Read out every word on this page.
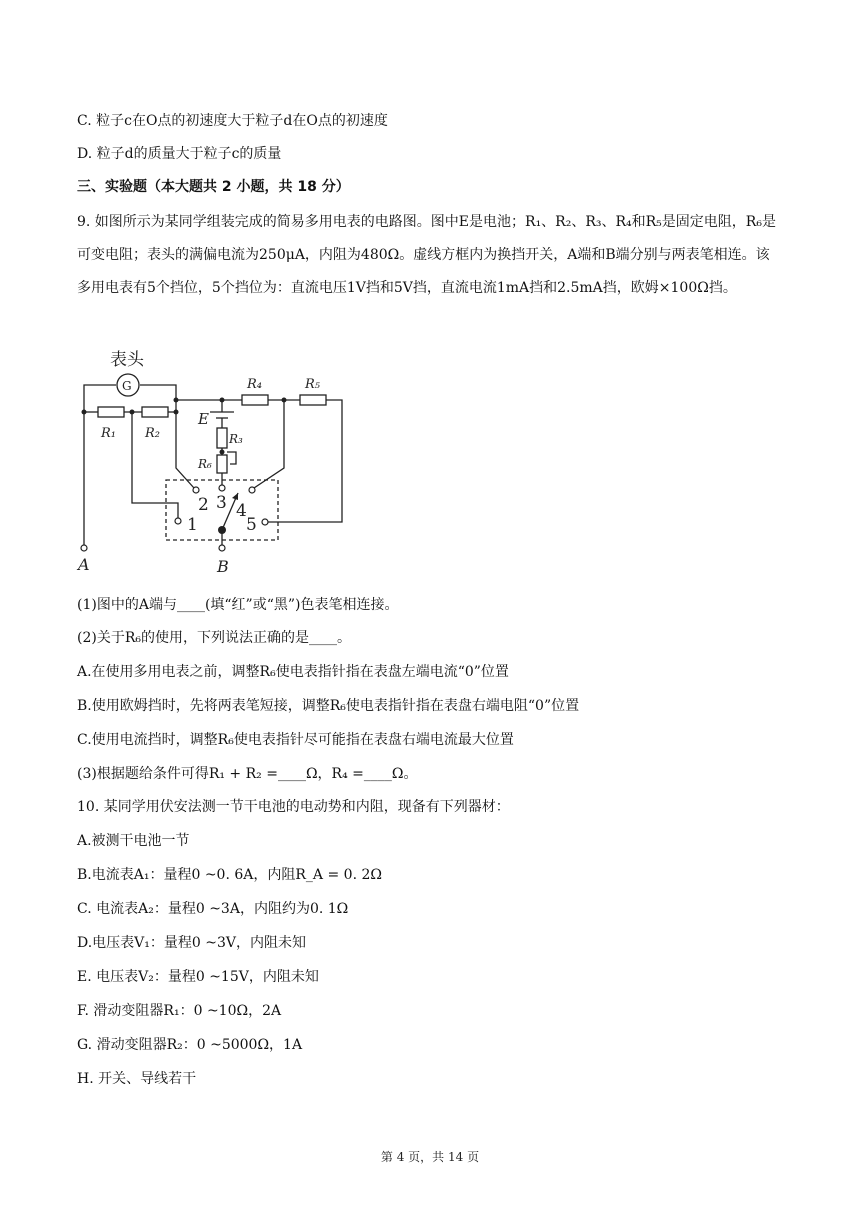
C. 粒子c在O点的初速度大于粒子d在O点的初速度
D. 粒子d的质量大于粒子c的质量
三、实验题（本大题共 2 小题，共 18 分）
9. 如图所示为某同学组装完成的简易多用电表的电路图。图中E是电池；R₁、R₂、R₃、R₄和R₅是固定电阻，R₆是可变电阻；表头的满偏电流为250μA，内阻为480Ω。虚线方框内为换挡开关，A端和B端分别与两表笔相连。该多用电表有5个挡位，5个挡位为：直流电压1V挡和5V挡，直流电流1mA挡和2.5mA挡，欧姆×100Ω挡。
表头
G
R₁ R₂
R₄	R₅
E
R₃
R₆
1
2 3 4
5
A	B
(1)图中的A端与____(填“红”或“黑”)色表笔相连接。
(2)关于R₆的使用，下列说法正确的是____。
A.在使用多用电表之前，调整R₆使电表指针指在表盘左端电流“0”位置
B.使用欧姆挡时，先将两表笔短接，调整R₆使电表指针指在表盘右端电阻“0”位置
C.使用电流挡时，调整R₆使电表指针尽可能指在表盘右端电流最大位置
(3)根据题给条件可得R₁ + R₂ =____Ω，R₄ =____Ω。
10. 某同学用伏安法测一节干电池的电动势和内阻，现备有下列器材：
A.被测干电池一节
B.电流表A₁：量程0 ~0. 6A，内阻R_A = 0. 2Ω
C. 电流表A₂：量程0 ~3A，内阻约为0. 1Ω
D.电压表V₁：量程0 ~3V，内阻未知
E. 电压表V₂：量程0 ~15V，内阻未知
F. 滑动变阻器R₁：0 ~10Ω，2A
G. 滑动变阻器R₂：0 ~5000Ω，1A
H. 开关、导线若干
第 4 页，共 14 页
